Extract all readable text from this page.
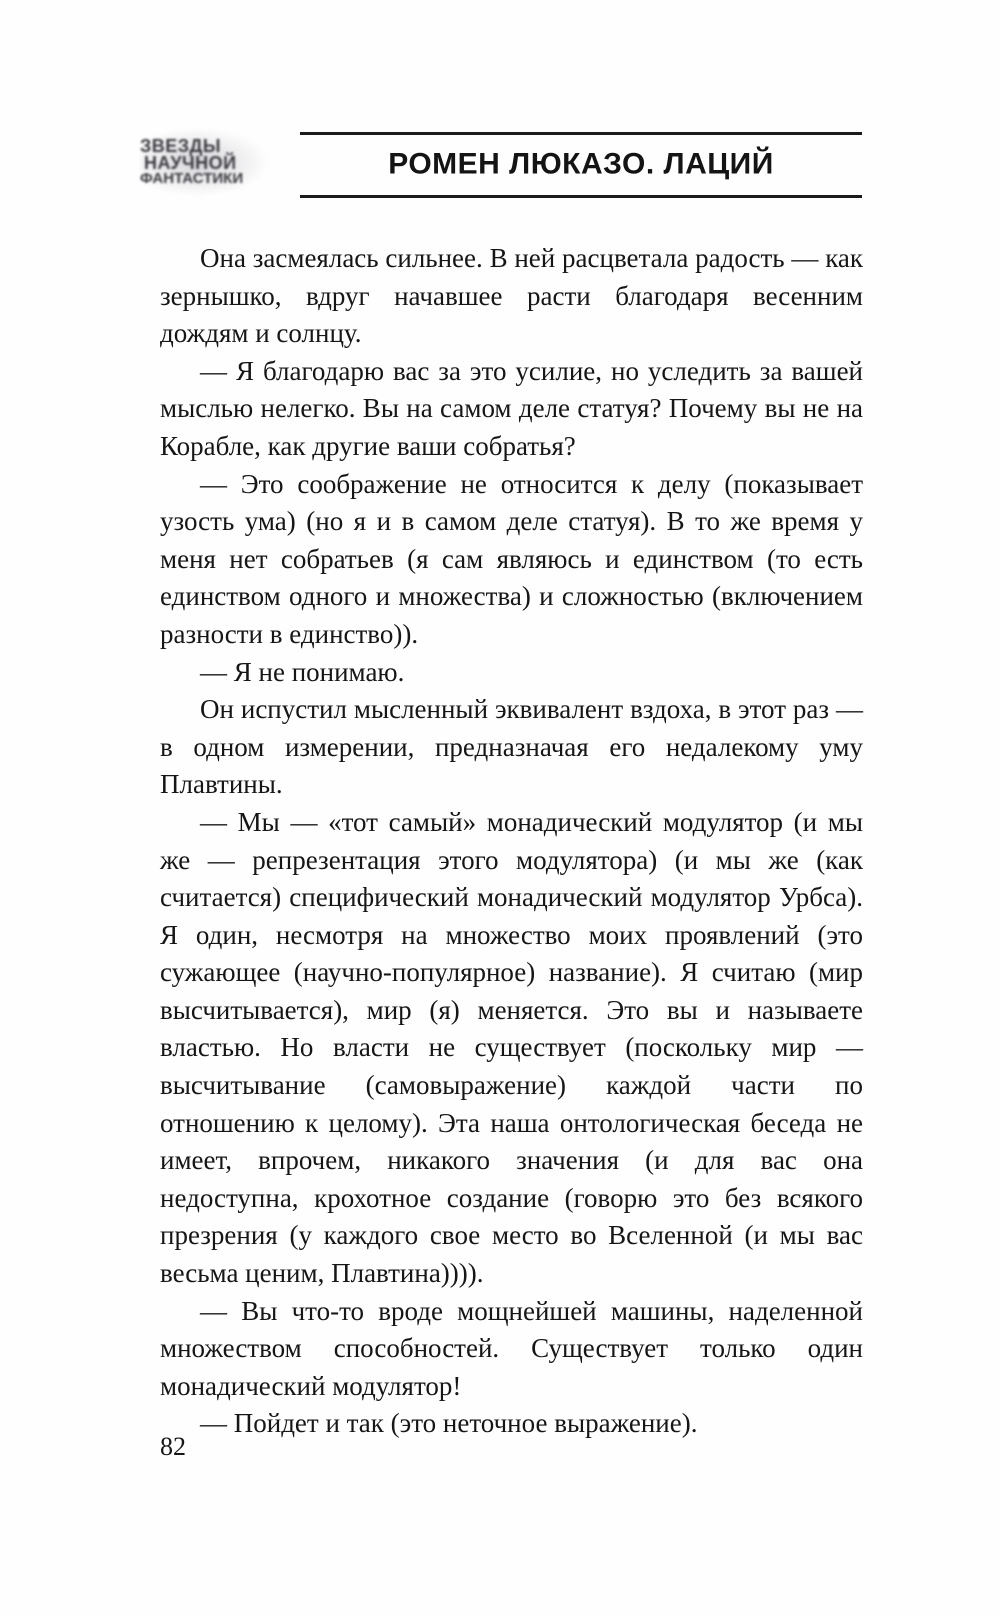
ЗВЕЗДЫ
НАУЧНОЙ
ФАНТАСТИКИ	РОМЕН ЛЮКАЗО. ЛАЦИЙ

Она засмеялась сильнее. В ней расцветала радость — как зернышко, вдруг начавшее расти благодаря весенним дождям и солнцу.

— Я благодарю вас за это усилие, но уследить за вашей мыслью нелегко. Вы на самом деле статуя? Почему вы не на Корабле, как другие ваши собратья?

— Это соображение не относится к делу (показывает узость ума) (но я и в самом деле статуя). В то же время у меня нет собратьев (я сам являюсь и единством (то есть единством одного и множества) и сложностью (включением разности в единство)).

— Я не понимаю.

Он испустил мысленный эквивалент вздоха, в этот раз — в одном измерении, предназначая его недалекому уму Плавтины.

— Мы — «тот самый» монадический модулятор (и мы же — репрезентация этого модулятора) (и мы же (как считается) специфический монадический модулятор Урбса). Я один, несмотря на множество моих проявлений (это сужающее (научно-популярное) название). Я считаю (мир высчитывается), мир (я) меняется. Это вы и называете властью. Но власти не существует (поскольку мир — высчитывание (самовыражение) каждой части по отношению к целому). Эта наша онтологическая беседа не имеет, впрочем, никакого значения (и для вас она недоступна, крохотное создание (говорю это без всякого презрения (у каждого свое место во Вселенной (и мы вас весьма ценим, Плавтина)))).

— Вы что-то вроде мощнейшей машины, наделенной множеством способностей. Существует только один монадический модулятор!

— Пойдет и так (это неточное выражение).

82
